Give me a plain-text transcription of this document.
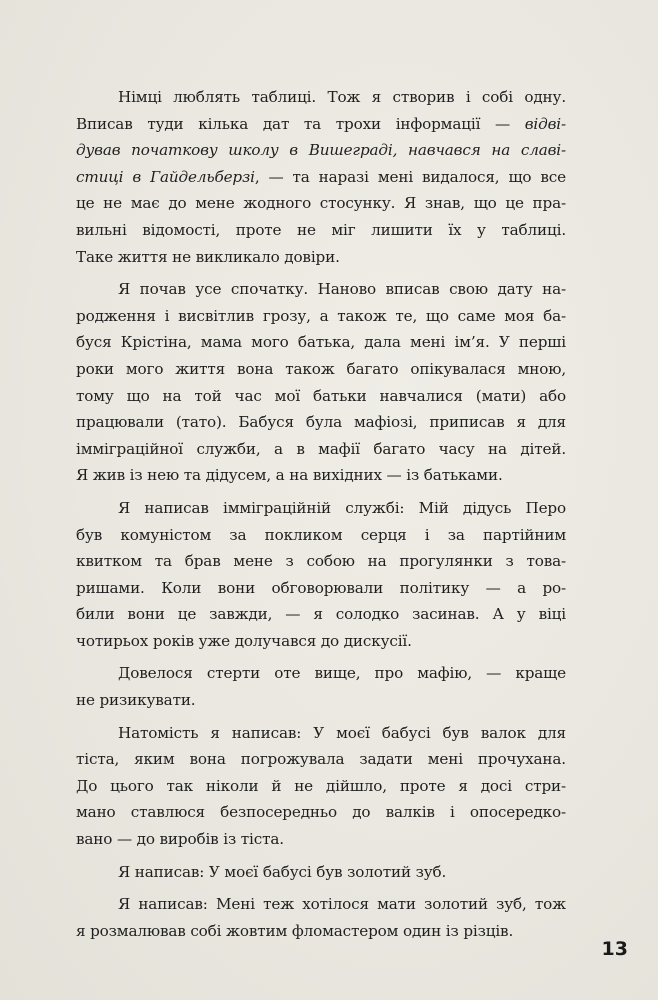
Німці люблять таблиці. Тож я створив і собі одну.
Вписав туди кілька дат та трохи інформації — відві-
дував початкову школу в Вишеграді, навчався на славі-
стиці в Гайдельберзі, — та наразі мені видалося, що все
це не має до мене жодного стосунку. Я знав, що це пра-
вильні відомості, проте не міг лишити їх у таблиці.
Таке життя не викликало довіри.
Я почав усе спочатку. Наново вписав свою дату на-
родження і висвітлив грозу, а також те, що саме моя ба-
буся Крістіна, мама мого батька, дала мені ім’я. У перші
роки мого життя вона також багато опікувалася мною,
тому що на той час мої батьки навчалися (мати) або
працювали (тато). Бабуся була мафіозі, приписав я для
імміграційної служби, а в мафії багато часу на дітей.
Я жив із нею та дідусем, а на вихідних — із батьками.
Я написав імміграційній службі: Мій дідусь Перо
був комуністом за покликом серця і за партійним
квитком та брав мене з собою на прогулянки з това-
ришами. Коли вони обговорювали політику — а ро-
били вони це завжди, — я солодко засинав. А у віці
чотирьох років уже долучався до дискусії.
Довелося стерти оте вище, про мафію, — краще
не ризикувати.
Натомість я написав: У моєї бабусі був валок для
тіста, яким вона погрожувала задати мені прочухана.
До цього так ніколи й не дійшло, проте я досі стри-
мано ставлюся безпосередньо до валків і опосередко-
вано — до виробів із тіста.
Я написав: У моєї бабусі був золотий зуб.
Я написав: Мені теж хотілося мати золотий зуб, тож
я розмалював собі жовтим фломастером один із різців.
13
